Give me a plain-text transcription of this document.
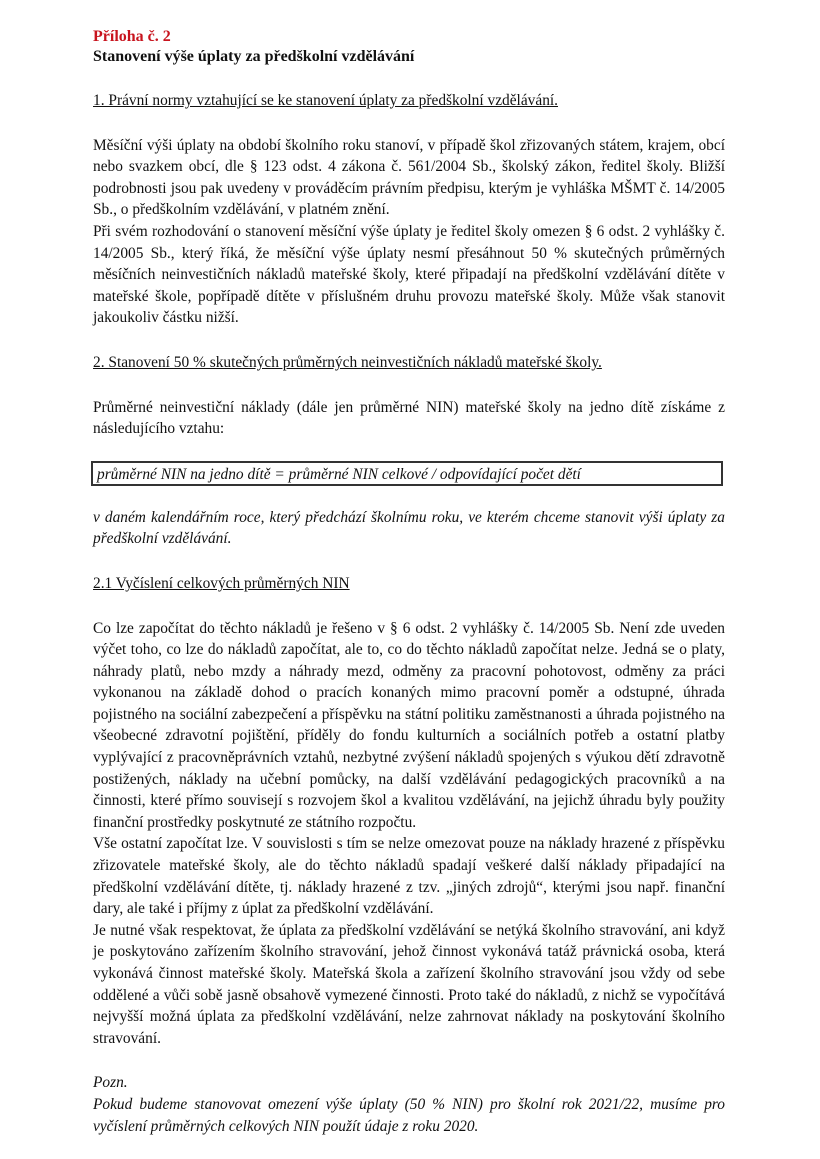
Příloha č. 2

Stanovení výše úplaty za předškolní vzdělávání

1. Právní normy vztahující se ke stanovení úplaty za předškolní vzdělávání.

Měsíční výši úplaty na období školního roku stanoví, v případě škol zřizovaných státem, krajem, obcí nebo svazkem obcí, dle § 123 odst. 4 zákona č. 561/2004 Sb., školský zákon, ředitel školy. Bližší podrobnosti jsou pak uvedeny v prováděcím právním předpisu, kterým je vyhláška MŠMT č. 14/2005 Sb., o předškolním vzdělávání, v platném znění.

Při svém rozhodování o stanovení měsíční výše úplaty je ředitel školy omezen § 6 odst. 2 vyhlášky č. 14/2005 Sb., který říká, že měsíční výše úplaty nesmí přesáhnout 50 % skutečných průměrných měsíčních neinvestičních nákladů mateřské školy, které připadají na předškolní vzdělávání dítěte v mateřské škole, popřípadě dítěte v příslušném druhu provozu mateřské školy. Může však stanovit jakoukoliv částku nižší.

2. Stanovení 50 % skutečných průměrných neinvestičních nákladů mateřské školy.

Průměrné neinvestiční náklady (dále jen průměrné NIN) mateřské školy na jedno dítě získáme z následujícího vztahu:

průměrné NIN na jedno dítě = průměrné NIN celkové / odpovídající počet dětí

v daném kalendářním roce, který předchází školnímu roku, ve kterém chceme stanovit výši úplaty za předškolní vzdělávání.

2.1 Vyčíslení celkových průměrných NIN

Co lze započítat do těchto nákladů je řešeno v § 6 odst. 2 vyhlášky č. 14/2005 Sb. Není zde uveden výčet toho, co lze do nákladů započítat, ale to, co do těchto nákladů započítat nelze. Jedná se o platy, náhrady platů, nebo mzdy a náhrady mezd, odměny za pracovní pohotovost, odměny za práci vykonanou na základě dohod o pracích konaných mimo pracovní poměr a odstupné, úhrada pojistného na sociální zabezpečení a příspěvku na státní politiku zaměstnanosti a úhrada pojistného na všeobecné zdravotní pojištění, příděly do fondu kulturních a sociálních potřeb a ostatní platby vyplývající z pracovněprávních vztahů, nezbytné zvýšení nákladů spojených s výukou dětí zdravotně postižených, náklady na učební pomůcky, na další vzdělávání pedagogických pracovníků a na činnosti, které přímo souvisejí s rozvojem škol a kvalitou vzdělávání, na jejichž úhradu byly použity finanční prostředky poskytnuté ze státního rozpočtu.

Vše ostatní započítat lze. V souvislosti s tím se nelze omezovat pouze na náklady hrazené z příspěvku zřizovatele mateřské školy, ale do těchto nákladů spadají veškeré další náklady připadající na předškolní vzdělávání dítěte, tj. náklady hrazené z tzv. „jiných zdrojů“, kterými jsou např. finanční dary, ale také i příjmy z úplat za předškolní vzdělávání.

Je nutné však respektovat, že úplata za předškolní vzdělávání se netýká školního stravování, ani když je poskytováno zařízením školního stravování, jehož činnost vykonává tatáž právnická osoba, která vykonává činnost mateřské školy. Mateřská škola a zařízení školního stravování jsou vždy od sebe oddělené a vůči sobě jasně obsahově vymezené činnosti. Proto také do nákladů, z nichž se vypočítává nejvyšší možná úplata za předškolní vzdělávání, nelze zahrnovat náklady na poskytování školního stravování.

Pozn.

Pokud budeme stanovovat omezení výše úplaty (50 % NIN) pro školní rok 2021/22, musíme pro vyčíslení průměrných celkových NIN použít údaje z roku 2020.
